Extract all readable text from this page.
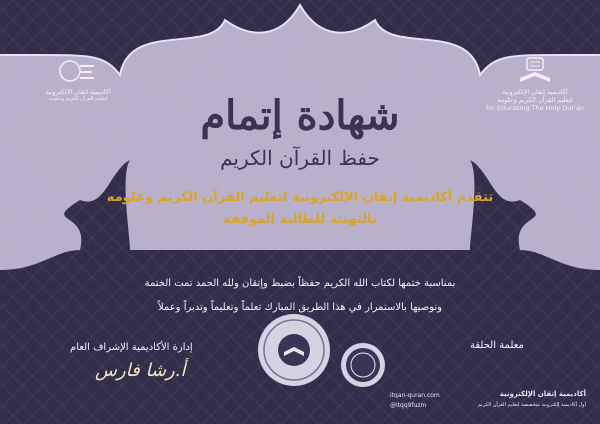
شهادة إتمام
حفظ القرآن الكريم
تتقدم أكاديمية إتقان الإلكترونية لتعليم القرآن الكريم وعلومه
بالتهنئة للطالبة الموفقة
بمناسبة ختمها لكتاب الله الكريم حفظاً بضبط وإتقان ولله الحمد تمت الختمة
ونوصيها بالاستمرار في هذا الطريق المبارك تعلماً وتعليماً وتدبراً وعملاً
أكاديمية اتقان الالكترونية
لتعليم القرآن الكريم وعلومه
أكاديمية إتقان الإلكترونية
لتعليم القرآن الكريم وعلومه
for Educating The Holy Qur'an
إدارة الأكاديمية الإشراف العام
أ.رشا فارس
معلمة الحلقة
itqan-quran.com
@itqq9fuzm
أكاديمية إتقان الإلكترونية
أول أكاديمية إلكترونية متخصصة لتعليم القرآن الكريم
